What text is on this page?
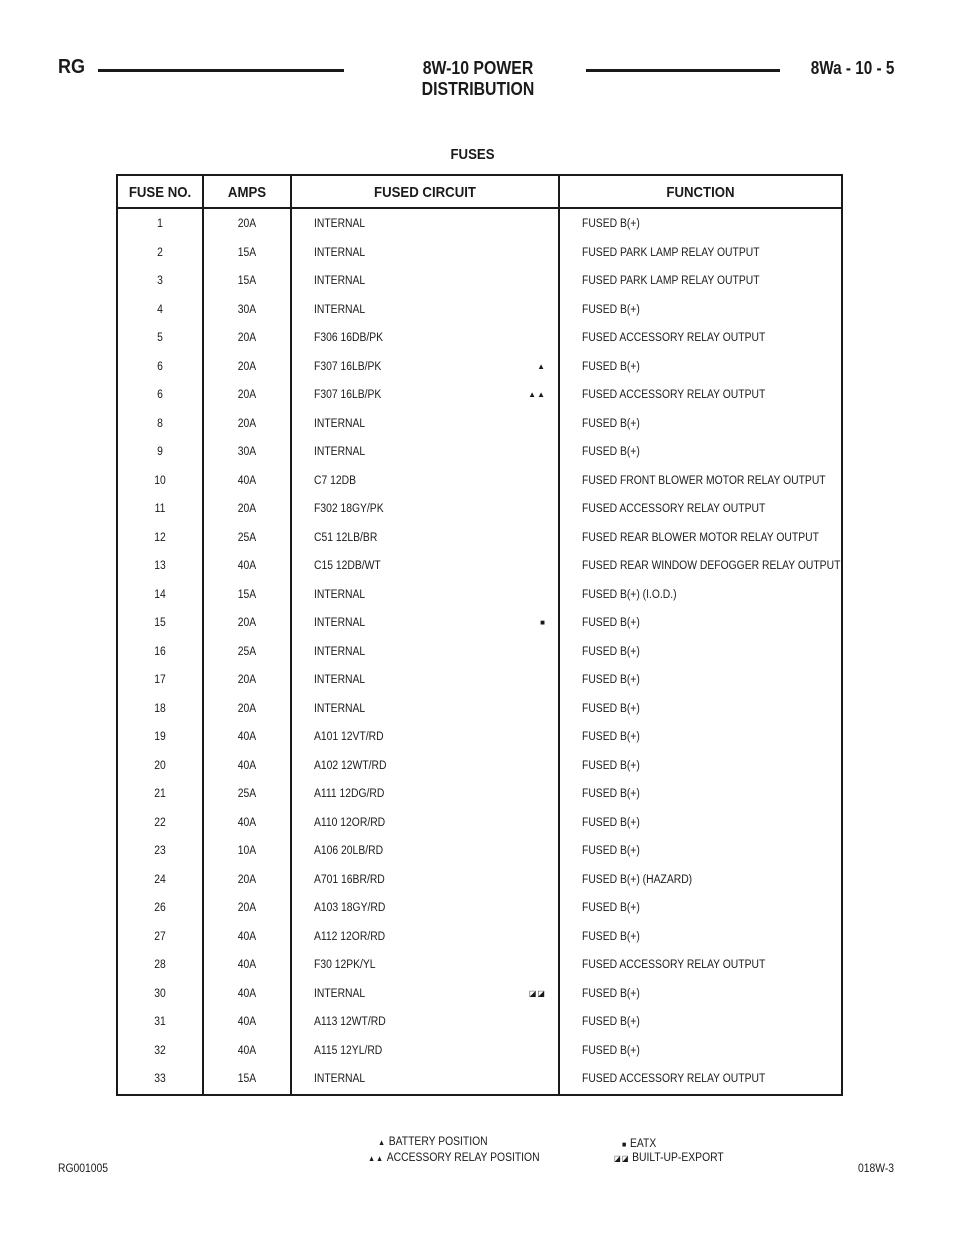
RG	8W-10 POWER DISTRIBUTION
8Wa - 10 - 5
FUSES
FUSE NO.	AMPS	FUSED CIRCUIT	FUNCTION
1	20A	INTERNAL	FUSED B(+)
2	15A	INTERNAL	FUSED PARK LAMP RELAY OUTPUT
3	15A	INTERNAL	FUSED PARK LAMP RELAY OUTPUT
4	30A	INTERNAL	FUSED B(+)
5	20A	F306 16DB/PK	FUSED ACCESSORY RELAY OUTPUT
6	20A	F307 16LB/PK	▲	FUSED B(+)
6	20A	F307 16LB/PK	▲▲	FUSED ACCESSORY RELAY OUTPUT
8	20A	INTERNAL	FUSED B(+)
9	30A	INTERNAL	FUSED B(+)
10	40A	C7 12DB	FUSED FRONT BLOWER MOTOR RELAY OUTPUT
11	20A	F302 18GY/PK	FUSED ACCESSORY RELAY OUTPUT
12	25A	C51 12LB/BR	FUSED REAR BLOWER MOTOR RELAY OUTPUT
13	40A	C15 12DB/WT	FUSED REAR WINDOW DEFOGGER RELAY OUTPUT
14	15A	INTERNAL	FUSED B(+) (I.O.D.)
15	20A	INTERNAL	■	FUSED B(+)
16	25A	INTERNAL	FUSED B(+)
17	20A	INTERNAL	FUSED B(+)
18	20A	INTERNAL	FUSED B(+)
19	40A	A101 12VT/RD	FUSED B(+)
20	40A	A102 12WT/RD	FUSED B(+)
21	25A	A111 12DG/RD	FUSED B(+)
22	40A	A110 12OR/RD	FUSED B(+)
23	10A	A106 20LB/RD	FUSED B(+)
24	20A	A701 16BR/RD	FUSED B(+) (HAZARD)
26	20A	A103 18GY/RD	FUSED B(+)
27	40A	A112 12OR/RD	FUSED B(+)
28	40A	F30 12PK/YL	FUSED ACCESSORY RELAY OUTPUT
30	40A	INTERNAL	◪◪	FUSED B(+)
31	40A	A113 12WT/RD	FUSED B(+)
32	40A	A115 12YL/RD	FUSED B(+)
33	15A	INTERNAL	FUSED ACCESSORY RELAY OUTPUT
▲ BATTERY POSITION
▲▲ ACCESSORY RELAY POSITION
■ EATX
◪◪ BUILT-UP-EXPORT
RG001005	018W-3
